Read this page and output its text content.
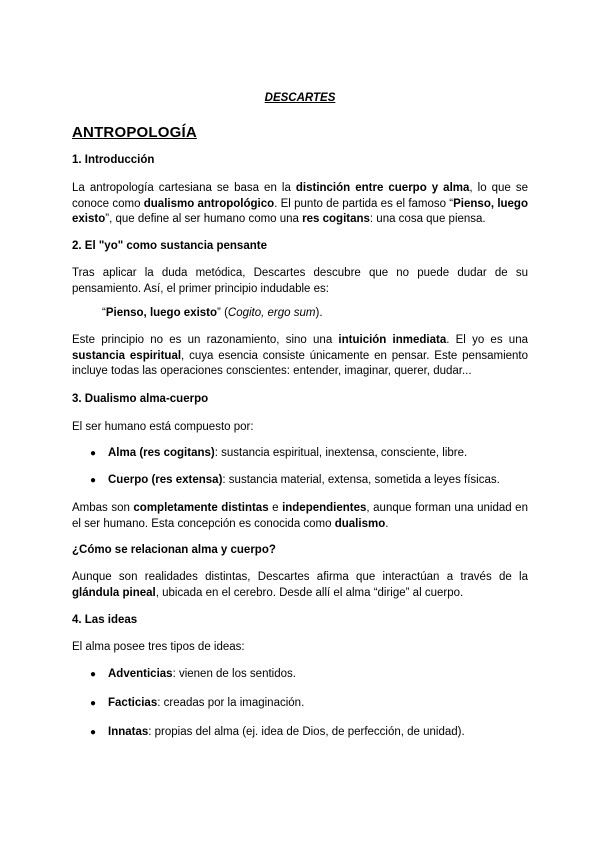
DESCARTES
ANTROPOLOGÍA
1. Introducción
La antropología cartesiana se basa en la distinción entre cuerpo y alma, lo que se conoce como dualismo antropológico. El punto de partida es el famoso “Pienso, luego existo”, que define al ser humano como una res cogitans: una cosa que piensa.
2. El "yo" como sustancia pensante
Tras aplicar la duda metódica, Descartes descubre que no puede dudar de su pensamiento. Así, el primer principio indudable es:
“Pienso, luego existo” (Cogito, ergo sum).
Este principio no es un razonamiento, sino una intuición inmediata. El yo es una sustancia espiritual, cuya esencia consiste únicamente en pensar. Este pensamiento incluye todas las operaciones conscientes: entender, imaginar, querer, dudar...
3. Dualismo alma-cuerpo
El ser humano está compuesto por:
● Alma (res cogitans): sustancia espiritual, inextensa, consciente, libre.
● Cuerpo (res extensa): sustancia material, extensa, sometida a leyes físicas.
Ambas son completamente distintas e independientes, aunque forman una unidad en el ser humano. Esta concepción es conocida como dualismo.
¿Cómo se relacionan alma y cuerpo?
Aunque son realidades distintas, Descartes afirma que interactúan a través de la glándula pineal, ubicada en el cerebro. Desde allí el alma “dirige” al cuerpo.
4. Las ideas
El alma posee tres tipos de ideas:
● Adventicias: vienen de los sentidos.
● Facticias: creadas por la imaginación.
● Innatas: propias del alma (ej. idea de Dios, de perfección, de unidad).
